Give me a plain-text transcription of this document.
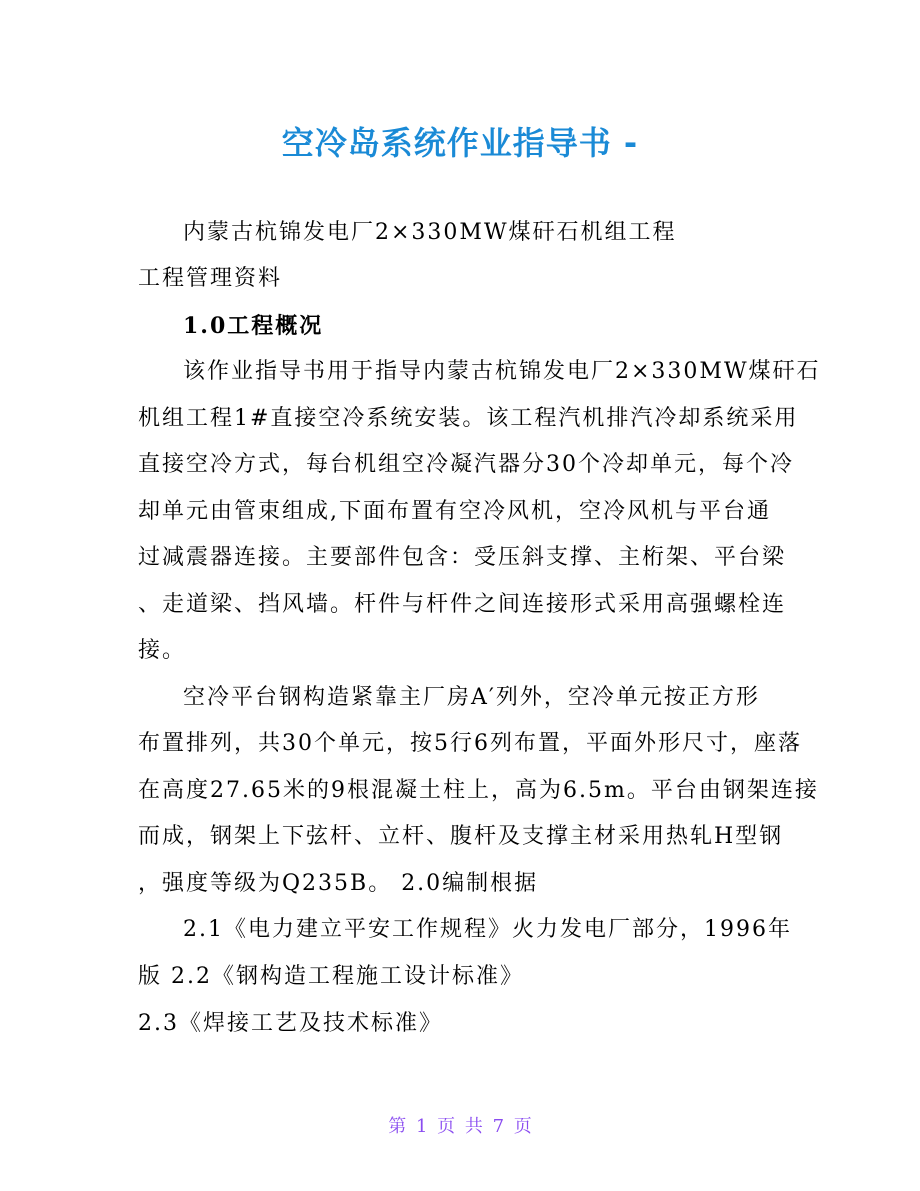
空冷岛系统作业指导书 -
内蒙古杭锦发电厂2×330MW煤矸石机组工程
工程管理资料
1.0工程概况
该作业指导书用于指导内蒙古杭锦发电厂2×330MW煤矸石
机组工程1#直接空冷系统安装。该工程汽机排汽冷却系统采用
直接空冷方式，每台机组空冷凝汽器分30个冷却单元，每个冷
却单元由管束组成,下面布置有空冷风机，空冷风机与平台通
过减震器连接。主要部件包含：受压斜支撑、主桁架、平台梁
、走道梁、挡风墙。杆件与杆件之间连接形式采用高强螺栓连
接。
空冷平台钢构造紧靠主厂房A′列外，空冷单元按正方形
布置排列，共30个单元，按5行6列布置，平面外形尺寸，座落
在高度27.65米的9根混凝土柱上，高为6.5m。平台由钢架连接
而成，钢架上下弦杆、立杆、腹杆及支撑主材采用热轧H型钢
，强度等级为Q235B。 2.0编制根据
2.1《电力建立平安工作规程》火力发电厂部分，1996年
版 2.2《钢构造工程施工设计标准》
2.3《焊接工艺及技术标准》
第 1 页 共 7 页
